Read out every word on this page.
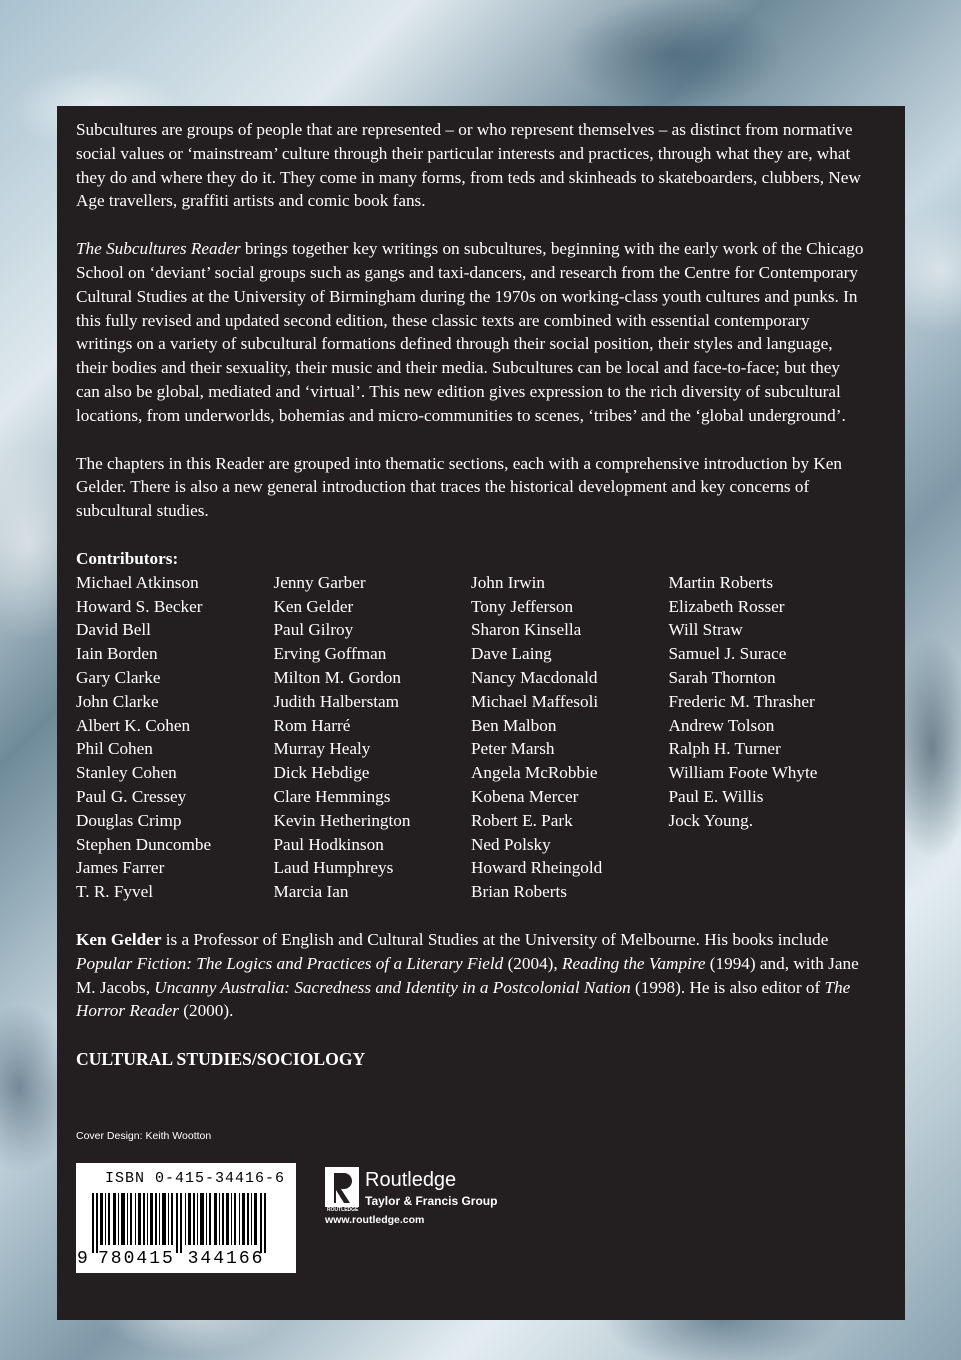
Subcultures are groups of people that are represented – or who represent themselves – as distinct from normative social values or ‘mainstream’ culture through their particular interests and practices, through what they are, what they do and where they do it. They come in many forms, from teds and skinheads to skateboarders, clubbers, New Age travellers, graffiti artists and comic book fans.

The Subcultures Reader brings together key writings on subcultures, beginning with the early work of the Chicago School on ‘deviant’ social groups such as gangs and taxi-dancers, and research from the Centre for Contemporary Cultural Studies at the University of Birmingham during the 1970s on working-class youth cultures and punks. In this fully revised and updated second edition, these classic texts are combined with essential contemporary writings on a variety of subcultural formations defined through their social position, their styles and language, their bodies and their sexuality, their music and their media. Subcultures can be local and face-to-face; but they can also be global, mediated and ‘virtual’. This new edition gives expression to the rich diversity of subcultural locations, from underworlds, bohemias and micro-communities to scenes, ‘tribes’ and the ‘global underground’.

The chapters in this Reader are grouped into thematic sections, each with a comprehensive introduction by Ken Gelder. There is also a new general introduction that traces the historical development and key concerns of subcultural studies.

Contributors:
Michael Atkinson
Howard S. Becker
David Bell
Iain Borden
Gary Clarke
John Clarke
Albert K. Cohen
Phil Cohen
Stanley Cohen
Paul G. Cressey
Douglas Crimp
Stephen Duncombe
James Farrer
T. R. Fyvel
Jenny Garber
Ken Gelder
Paul Gilroy
Erving Goffman
Milton M. Gordon
Judith Halberstam
Rom Harré
Murray Healy
Dick Hebdige
Clare Hemmings
Kevin Hetherington
Paul Hodkinson
Laud Humphreys
Marcia Ian
John Irwin
Tony Jefferson
Sharon Kinsella
Dave Laing
Nancy Macdonald
Michael Maffesoli
Ben Malbon
Peter Marsh
Angela McRobbie
Kobena Mercer
Robert E. Park
Ned Polsky
Howard Rheingold
Brian Roberts
Martin Roberts
Elizabeth Rosser
Will Straw
Samuel J. Surace
Sarah Thornton
Frederic M. Thrasher
Andrew Tolson
Ralph H. Turner
William Foote Whyte
Paul E. Willis
Jock Young.

Ken Gelder is a Professor of English and Cultural Studies at the University of Melbourne. His books include Popular Fiction: The Logics and Practices of a Literary Field (2004), Reading the Vampire (1994) and, with Jane M. Jacobs, Uncanny Australia: Sacredness and Identity in a Postcolonial Nation (1998). He is also editor of The Horror Reader (2000).

CULTURAL STUDIES/SOCIOLOGY
Cover Design: Keith Wootton
ISBN 0-415-34416-6
9 780415 344166
ROUTLEDGE
Routledge
Taylor & Francis Group
www.routledge.com
